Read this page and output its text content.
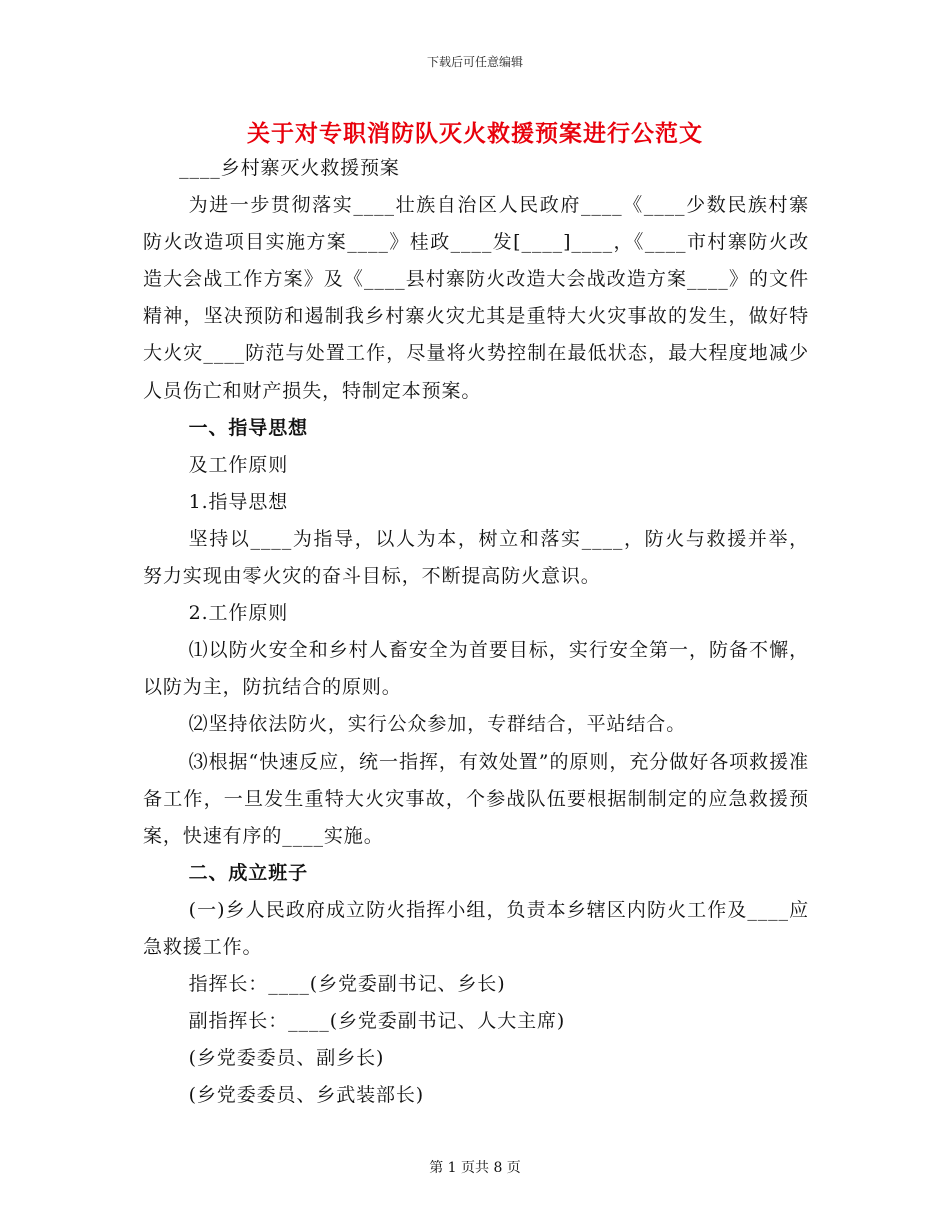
下载后可任意编辑
关于对专职消防队灭火救援预案进行公范文

____乡村寨灭火救援预案

为进一步贯彻落实____壮族自治区人民政府____《____少数民族村寨防火改造项目实施方案____》桂政____发[____]____，《____市村寨防火改造大会战工作方案》及《____县村寨防火改造大会战改造方案____》的文件精神，坚决预防和遏制我乡村寨火灾尤其是重特大火灾事故的发生，做好特大火灾____防范与处置工作，尽量将火势控制在最低状态，最大程度地减少人员伤亡和财产损失，特制定本预案。

一、指导思想

及工作原则

1.指导思想

坚持以____为指导，以人为本，树立和落实____，防火与救援并举，努力实现由零火灾的奋斗目标，不断提高防火意识。

2.工作原则

⑴以防火安全和乡村人畜安全为首要目标，实行安全第一，防备不懈，以防为主，防抗结合的原则。

⑵坚持依法防火，实行公众参加，专群结合，平站结合。

⑶根据“快速反应，统一指挥，有效处置”的原则，充分做好各项救援准备工作，一旦发生重特大火灾事故，个参战队伍要根据制制定的应急救援预案，快速有序的____实施。

二、成立班子

(一)乡人民政府成立防火指挥小组，负责本乡辖区内防火工作及____应急救援工作。

指挥长：____(乡党委副书记、乡长)

副指挥长：____(乡党委副书记、人大主席)

(乡党委委员、副乡长)

(乡党委委员、乡武装部长)

第 1 页共 8 页
